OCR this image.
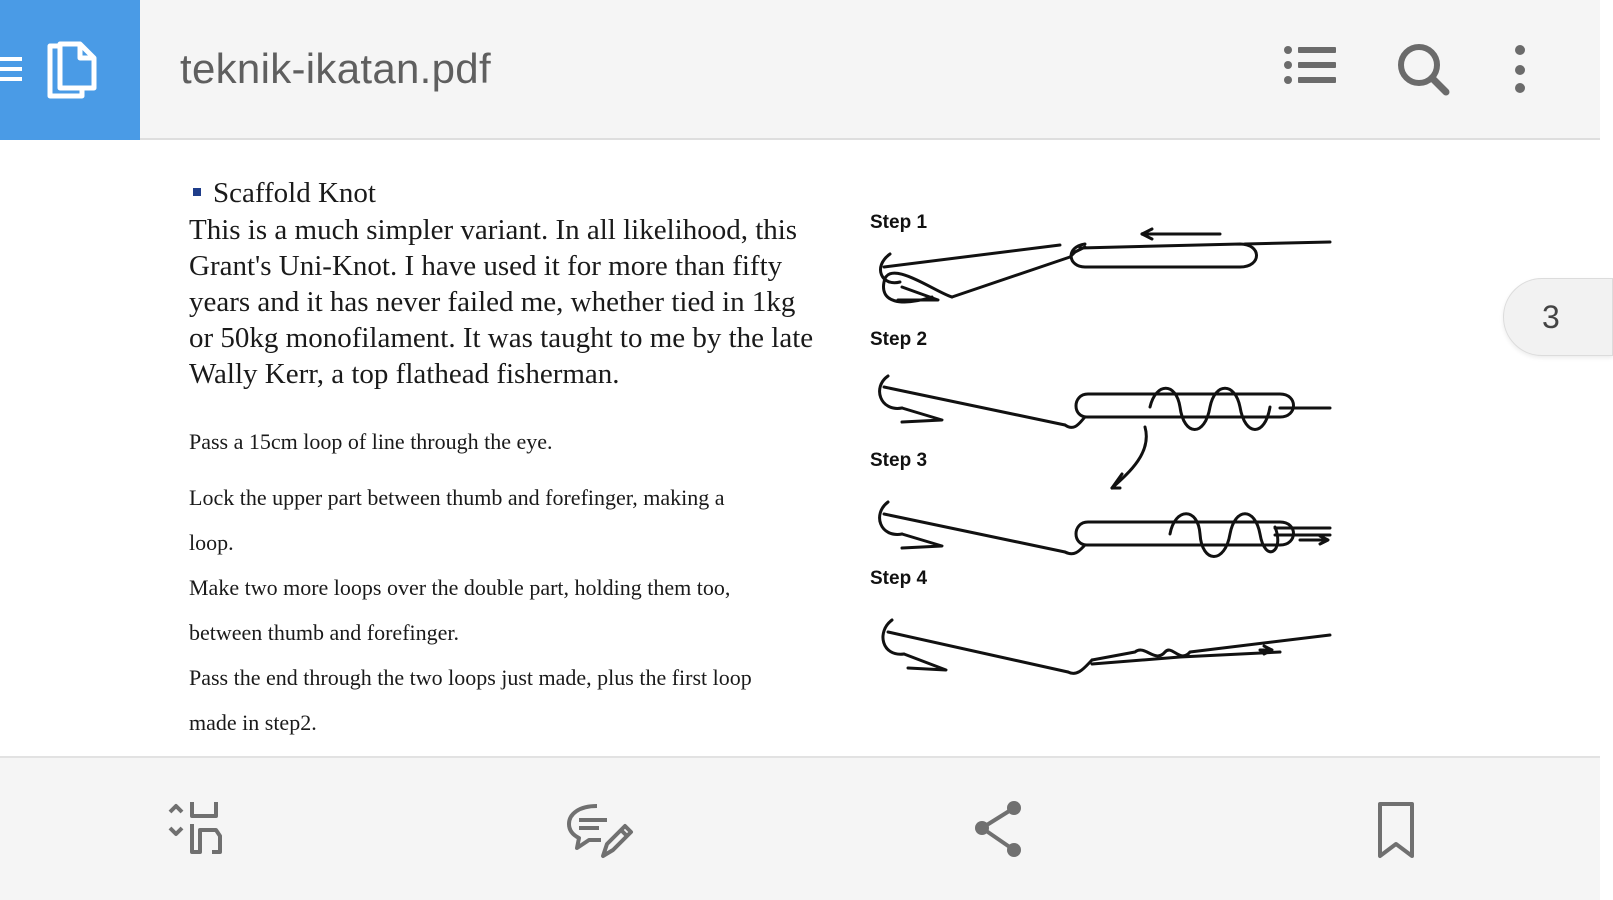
teknik-ikatan.pdf
Scaffold Knot
This is a much simpler variant. In all likelihood, this
Grant's Uni-Knot. I have used it for more than fifty
years and it has never failed me, whether tied in 1kg
or 50kg monofilament. It was taught to me by the late
Wally Kerr, a top flathead fisherman.
Pass a 15cm loop of line through the eye.
Lock the upper part between thumb and forefinger, making a
loop.
Make two more loops over the double part, holding them too,
between thumb and forefinger.
Pass the end through the two loops just made, plus the first loop
made in step2.
Step 1
Step 2
Step 3
Step 4
3
